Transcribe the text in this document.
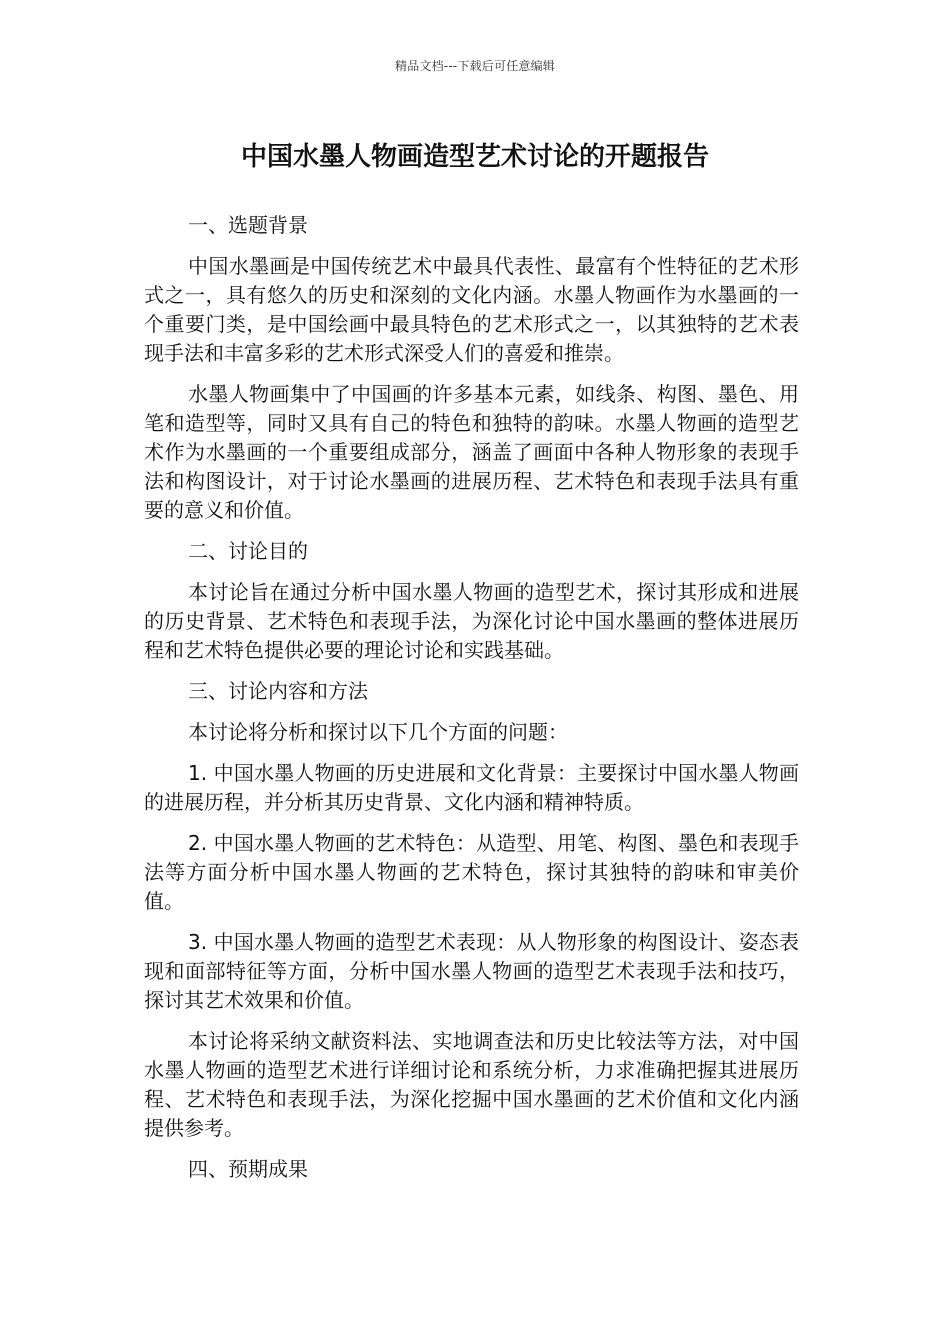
精品文档---下载后可任意编辑
中国水墨人物画造型艺术讨论的开题报告

一、选题背景

中国水墨画是中国传统艺术中最具代表性、最富有个性特征的艺术形式之一，具有悠久的历史和深刻的文化内涵。水墨人物画作为水墨画的一个重要门类，是中国绘画中最具特色的艺术形式之一，以其独特的艺术表现手法和丰富多彩的艺术形式深受人们的喜爱和推崇。

水墨人物画集中了中国画的许多基本元素，如线条、构图、墨色、用笔和造型等，同时又具有自己的特色和独特的韵味。水墨人物画的造型艺术作为水墨画的一个重要组成部分，涵盖了画面中各种人物形象的表现手法和构图设计，对于讨论水墨画的进展历程、艺术特色和表现手法具有重要的意义和价值。

二、讨论目的

本讨论旨在通过分析中国水墨人物画的造型艺术，探讨其形成和进展的历史背景、艺术特色和表现手法，为深化讨论中国水墨画的整体进展历程和艺术特色提供必要的理论讨论和实践基础。

三、讨论内容和方法

本讨论将分析和探讨以下几个方面的问题：

1. 中国水墨人物画的历史进展和文化背景：主要探讨中国水墨人物画的进展历程，并分析其历史背景、文化内涵和精神特质。

2. 中国水墨人物画的艺术特色：从造型、用笔、构图、墨色和表现手法等方面分析中国水墨人物画的艺术特色，探讨其独特的韵味和审美价值。

3. 中国水墨人物画的造型艺术表现：从人物形象的构图设计、姿态表现和面部特征等方面，分析中国水墨人物画的造型艺术表现手法和技巧，探讨其艺术效果和价值。

本讨论将采纳文献资料法、实地调查法和历史比较法等方法，对中国水墨人物画的造型艺术进行详细讨论和系统分析，力求准确把握其进展历程、艺术特色和表现手法，为深化挖掘中国水墨画的艺术价值和文化内涵提供参考。

四、预期成果
